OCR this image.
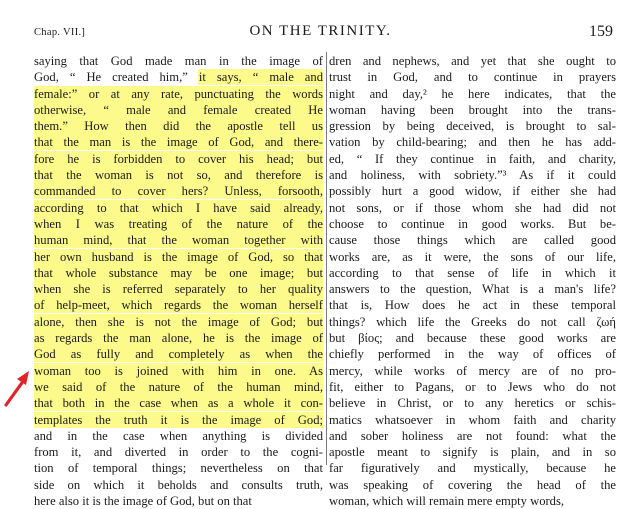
Chap. VII.]	ON THE TRINITY.	159
saying that God made man in the image of
God, “ He created him,” it says, “ male and
female:” or at any rate, punctuating the words
otherwise, “ male and female created He
them.” How then did the apostle tell us
that the man is the image of God, and there-
fore he is forbidden to cover his head; but
that the woman is not so, and therefore is
commanded to cover hers? Unless, forsooth,
according to that which I have said already,
when I was treating of the nature of the
human mind, that the woman together with
her own husband is the image of God, so that
that whole substance may be one image; but
when she is referred separately to her quality
of help-meet, which regards the woman herself
alone, then she is not the image of God; but
as regards the man alone, he is the image of
God as fully and completely as when the
woman too is joined with him in one. As
we said of the nature of the human mind,
that both in the case when as a whole it con-
templates the truth it is the image of God;
and in the case when anything is divided
from it, and diverted in order to the cogni-
tion of temporal things; nevertheless on that
side on which it beholds and consults truth,
here also it is the image of God, but on that
dren and nephews, and yet that she ought to
trust in God, and to continue in prayers
night and day,² he here indicates, that the
woman having been brought into the trans-
gression by being deceived, is brought to sal-
vation by child-bearing; and then he has add-
ed, “ If they continue in faith, and charity,
and holiness, with sobriety.”³ As if it could
possibly hurt a good widow, if either she had
not sons, or if those whom she had did not
choose to continue in good works. But be-
cause those things which are called good
works are, as it were, the sons of our life,
according to that sense of life in which it
answers to the question, What is a man's life?
that is, How does he act in these temporal
things? which life the Greeks do not call ζωή
but βίος; and because these good works are
chiefly performed in the way of offices of
mercy, while works of mercy are of no pro-
fit, either to Pagans, or to Jews who do not
believe in Christ, or to any heretics or schis-
matics whatsoever in whom faith and charity
and sober holiness are not found: what the
apostle meant to signify is plain, and in so
far figuratively and mystically, because he
was speaking of covering the head of the
woman, which will remain mere empty words,
